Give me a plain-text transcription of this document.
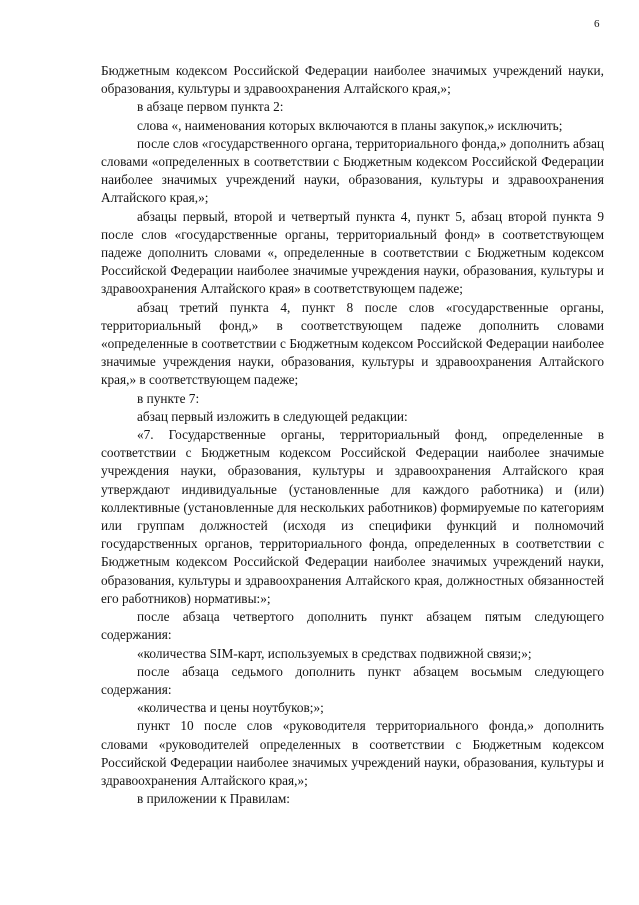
6

Бюджетным кодексом Российской Федерации наиболее значимых учреждений науки, образования, культуры и здравоохранения Алтайского края,»;

в абзаце первом пункта 2:

слова «, наименования которых включаются в планы закупок,» исключить;

после слов «государственного органа, территориального фонда,» дополнить абзац словами «определенных в соответствии с Бюджетным кодексом Российской Федерации наиболее значимых учреждений науки, образования, культуры и здравоохранения Алтайского края,»;

абзацы первый, второй и четвертый пункта 4, пункт 5, абзац второй пункта 9 после слов «государственные органы, территориальный фонд» в соответствующем падеже дополнить словами «, определенные в соответствии с Бюджетным кодексом Российской Федерации наиболее значимые учреждения науки, образования, культуры и здравоохранения Алтайского края» в соответствующем падеже;

абзац третий пункта 4, пункт 8 после слов «государственные органы, территориальный фонд,» в соответствующем падеже дополнить словами «определенные в соответствии с Бюджетным кодексом Российской Федерации наиболее значимые учреждения науки, образования, культуры и здравоохранения Алтайского края,» в соответствующем падеже;

в пункте 7:

абзац первый изложить в следующей редакции:

«7. Государственные органы, территориальный фонд, определенные в соответствии с Бюджетным кодексом Российской Федерации наиболее значимые учреждения науки, образования, культуры и здравоохранения Алтайского края утверждают индивидуальные (установленные для каждого работника) и (или) коллективные (установленные для нескольких работников) формируемые по категориям или группам должностей (исходя из специфики функций и полномочий государственных органов, территориального фонда, определенных в соответствии с Бюджетным кодексом Российской Федерации наиболее значимых учреждений науки, образования, культуры и здравоохранения Алтайского края, должностных обязанностей его работников) нормативы:»;

после абзаца четвертого дополнить пункт абзацем пятым следующего содержания:

«количества SIM-карт, используемых в средствах подвижной связи;»;

после абзаца седьмого дополнить пункт абзацем восьмым следующего содержания:

«количества и цены ноутбуков;»;

пункт 10 после слов «руководителя территориального фонда,» дополнить словами «руководителей определенных в соответствии с Бюджетным кодексом Российской Федерации наиболее значимых учреждений науки, образования, культуры и здравоохранения Алтайского края,»;

в приложении к Правилам:
